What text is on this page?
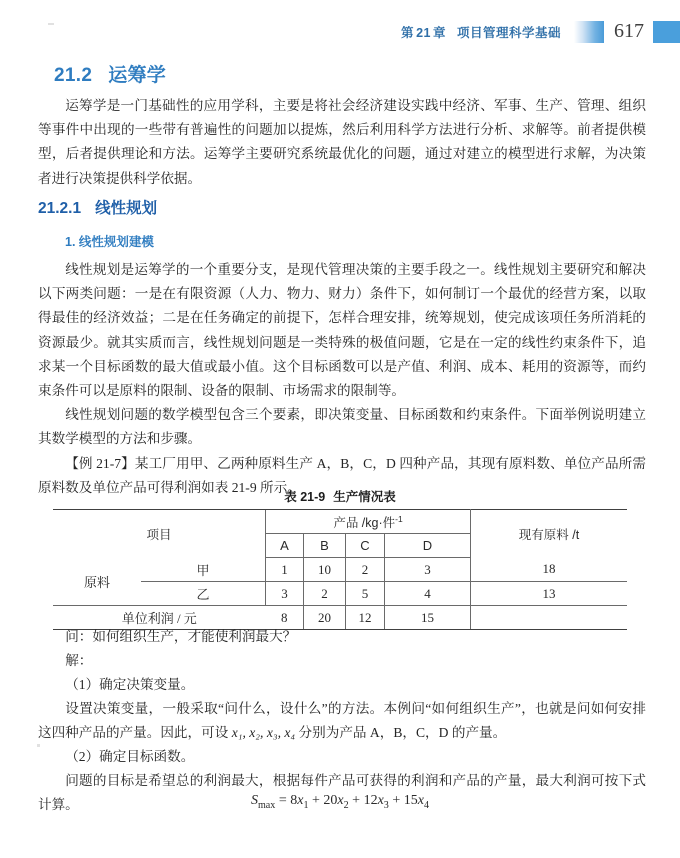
第 21 章 项目管理科学基础	617
21.2 运筹学
运筹学是一门基础性的应用学科，主要是将社会经济建设实践中经济、军事、生产、管理、组织等事件中出现的一些带有普遍性的问题加以提炼，然后利用科学方法进行分析、求解等。前者提供模型，后者提供理论和方法。运筹学主要研究系统最优化的问题，通过对建立的模型进行求解，为决策者进行决策提供科学依据。
21.2.1 线性规划
1. 线性规划建模
线性规划是运筹学的一个重要分支，是现代管理决策的主要手段之一。线性规划主要研究和解决以下两类问题：一是在有限资源（人力、物力、财力）条件下，如何制订一个最优的经营方案，以取得最佳的经济效益；二是在任务确定的前提下，怎样合理安排，统筹规划，使完成该项任务所消耗的资源最少。就其实质而言，线性规划问题是一类特殊的极值问题，它是在一定的线性约束条件下，追求某一个目标函数的最大值或最小值。这个目标函数可以是产值、利润、成本、耗用的资源等，而约束条件可以是原料的限制、设备的限制、市场需求的限制等。
线性规划问题的数学模型包含三个要素，即决策变量、目标函数和约束条件。下面举例说明建立其数学模型的方法和步骤。
【例 21-7】某工厂用甲、乙两种原料生产 A，B，C，D 四种产品，其现有原料数、单位产品所需原料数及单位产品可得利润如表 21-9 所示。
表 21-9 生产情况表
项目		产品 /kg·件$^{-1}$				现有原料 /t
		A	B	C	D	
原料	甲	1	10	2	3	18
	乙	3	2	5	4	13
单位利润 / 元		8	20	12	15	
问：如何组织生产，才能使利润最大？
解：
（1）确定决策变量。
设置决策变量，一般采取“问什么，设什么”的方法。本例问“如何组织生产”，也就是问如何安排这四种产品的产量。因此，可设 x₁, x₂, x₃, x₄ 分别为产品 A，B，C，D 的产量。
（2）确定目标函数。
问题的目标是希望总的利润最大，根据每件产品可获得的利润和产品的产量，最大利润可按下式计算。	$S_{max} = 8x_1 + 20x_2 + 12x_3 + 15x_4$
